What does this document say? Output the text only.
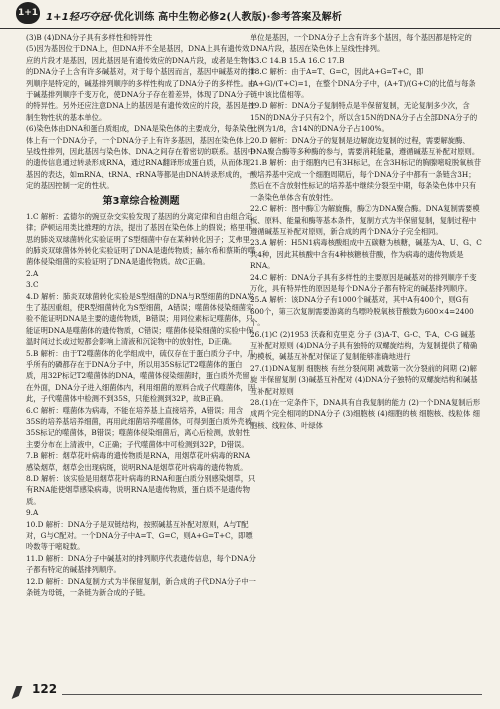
1+1 1+1轻巧夺冠·优化训练 高中生物必修2(人教版)·参考答案及解析

(3)B (4)DNA分子具有多样性和特异性

(5)因为基因位于DNA上，但DNA并不全是基因，DNA上具有遗传效应的片段才是基因，因此基因是有遗传效应的DNA片段，或者是生物体的DNA分子上含有许多碱基对，对于每个基因而言，基因中碱基对的排列顺序是特定的，碱基排列顺序的多样性构成了DNA分子的多样性。由于碱基排列顺序千变万化，使DNA分子存在着差异，体现了DNA分子的特异性。另外还应注意DNA上的基因是有遗传效应的片段，基因是控制生物性状的基本单位。

(6)染色体由DNA和蛋白质组成，DNA是染色体的主要成分，每条染色体上有一个DNA分子，一个DNA分子上有许多基因，基因在染色体上呈线性排列，因此基因与染色体、DNA之间存在着密切的联系。基因中的遗传信息通过转录形成RNA，通过RNA翻译形成蛋白质，从而体现基因的表达，如mRNA、tRNA、rRNA等都是由DNA转录形成的，一定的基因控制一定的性状。

第3章综合检测题

1.C 解析：孟德尔的豌豆杂交实验发现了基因的分离定律和自由组合定律；萨顿运用类比推理的方法，提出了基因在染色体上的假说；格里菲思的肺炎双球菌转化实验证明了S型细菌中存在某种转化因子；艾弗里的肺炎双球菌体外转化实验证明了DNA是遗传物质；赫尔希和蔡斯的噬菌体侵染细菌的实验证明了DNA是遗传物质。故C正确。

2.A

3.C

4.D 解析：肺炎双球菌转化实验是S型细菌的DNA与R型细菌的DNA发生了基因重组，使R型细菌转化为S型细菌，A错误；噬菌体侵染细菌实验不能证明DNA是主要的遗传物质，B错误；用同位素标记噬菌体，只能证明DNA是噬菌体的遗传物质，C错误；噬菌体侵染细菌的实验中保温时间过长或过短都会影响上清液和沉淀物中的放射性，D正确。

5.B 解析：由于T2噬菌体的化学组成中，硫仅存在于蛋白质分子中，几乎所有的磷都存在于DNA分子中，所以用35S标记T2噬菌体的蛋白质，用32P标记T2噬菌体的DNA，噬菌体侵染细菌时，蛋白质外壳留在外面，DNA分子进入细菌体内，利用细菌的原料合成子代噬菌体，因此，子代噬菌体中检测不到35S，只能检测到32P，故B正确。

6.C 解析：噬菌体为病毒，不能在培养基上直接培养，A错误；用含35S的培养基培养细菌，再用此细菌培养噬菌体，可得到蛋白质外壳被35S标记的噬菌体，B错误；噬菌体侵染细菌后，离心后检测，放射性主要分布在上清液中，C正确；子代噬菌体中可检测到32P，D错误。

7.B 解析：烟草花叶病毒的遗传物质是RNA，用烟草花叶病毒的RNA感染烟草，烟草会出现病斑，说明RNA是烟草花叶病毒的遗传物质。

8.D 解析：该实验是用烟草花叶病毒的RNA和蛋白质分别感染烟草，只有RNA能使烟草感染病毒，说明RNA是遗传物质，蛋白质不是遗传物质。

9.A

10.D 解析：DNA分子是双链结构，按照碱基互补配对原则，A与T配对，G与C配对。一个DNA分子中A=T、G=C，则A+G=T+C，即嘌呤数等于嘧啶数。

11.D 解析：DNA分子中碱基对的排列顺序代表遗传信息，每个DNA分子都有特定的碱基排列顺序。

12.D 解析：DNA复制方式为半保留复制，新合成的子代DNA分子中一条链为母链，一条链为新合成的子链。

单位是基因，一个DNA分子上含有许多个基因，每个基因都是特定的DNA片段，基因在染色体上呈线性排列。

13.C 14.B 15.A 16.C 17.B

18.C 解析：由于A=T、G=C，因此A+G=T+C，即(A+G)/(T+C)=1，在整个DNA分子中，(A+T)/(G+C)的比值与每条链中该比值相等。

19.D 解析：DNA分子复制特点是半保留复制，无论复制多少次，含15N的DNA分子只有2个，所以含15N的DNA分子占全部DNA分子的比例为1/8，含14N的DNA分子占100%。

20.D 解析：DNA分子的复制是边解旋边复制的过程，需要解旋酶、DNA聚合酶等多种酶的参与，需要消耗能量，遵循碱基互补配对原则。

21.B 解析：由于细胞内已有3H标记，在含3H标记的胸腺嘧啶脱氧核苷酸培养基中完成一个细胞周期后，每个DNA分子中都有一条链含3H；然后在不含放射性标记的培养基中继续分裂至中期，每条染色体中只有一条染色单体含有放射性。

22.C 解析：图中酶①为解旋酶，酶②为DNA聚合酶。DNA复制需要模板、原料、能量和酶等基本条件，复制方式为半保留复制，复制过程中遵循碱基互补配对原则，新合成的两个DNA分子完全相同。

23.A 解析：H5N1病毒核酸组成中五碳糖为核糖，碱基为A、U、G、C共4种，因此其核酸中含有4种核糖核苷酸，作为病毒的遗传物质是RNA。

24.C 解析：DNA分子具有多样性的主要原因是碱基对的排列顺序千变万化，具有特异性的原因是每个DNA分子都有特定的碱基排列顺序。

25.A 解析：该DNA分子有1000个碱基对，其中A有400个，则G有600个，第三次复制需要游离的鸟嘌呤脱氧核苷酸数为600×4=2400个。

26.(1)C (2)1953 沃森和克里克 分子 (3)A-T、G-C、T-A、C-G 碱基互补配对原则 (4)DNA分子具有独特的双螺旋结构，为复制提供了精确的模板，碱基互补配对保证了复制能够准确地进行

27.(1)DNA复制 细胞核 有丝分裂间期 减数第一次分裂前的间期 (2)解旋 半保留复制 (3)碱基互补配对 (4)DNA分子独特的双螺旋结构和碱基互补配对原则

28.(1)在一定条件下，DNA具有自我复制的能力 (2)一个DNA复制后形成两个完全相同的DNA分子 (3)细胞核 (4)细胞的核 细胞核、线粒体 细胞核、线粒体、叶绿体

122
